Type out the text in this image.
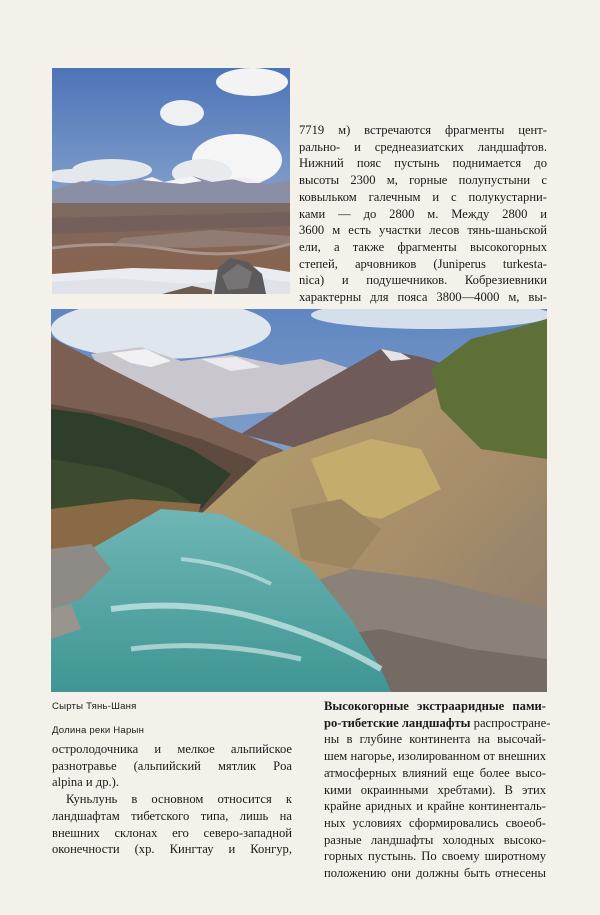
7719 м) встречаются фрагменты цент-
рально- и среднеазиатских ландшафтов.
Нижний пояс пустынь поднимается до
высоты 2300 м, горные полупустыни с
ковыльком галечным и с полукустарни-
ками — до 2800 м. Между 2800 и
3600 м есть участки лесов тянь-шаньской
ели, а также фрагменты высокогорных
степей, арчовников (Juniperus turkesta-
nica) и подушечников. Кобрезиевники
характерны для пояса 3800—4000 м, вы-
Сырты Тянь-Шаня
Долина реки Нарын
остролодочника и мелкое альпийское
разнотравье (альпийский мятлик Poa
alpina и др.).
Куньлунь в основном относится к
ландшафтам тибетского типа, лишь на
внешних склонах его северо-западной
оконечности (хр. Кингтау и Конгур,
Высокогорные экстрааридные пами-
ро-тибетские ландшафты распростране-
ны в глубине континента на высочай-
шем нагорье, изолированном от внешних
атмосферных влияний еще более высо-
кими окраинными хребтами). В этих
крайне аридных и крайне континенталь-
ных условиях сформировались своеоб-
разные ландшафты холодных высоко-
горных пустынь. По своему широтному
положению они должны быть отнесены
